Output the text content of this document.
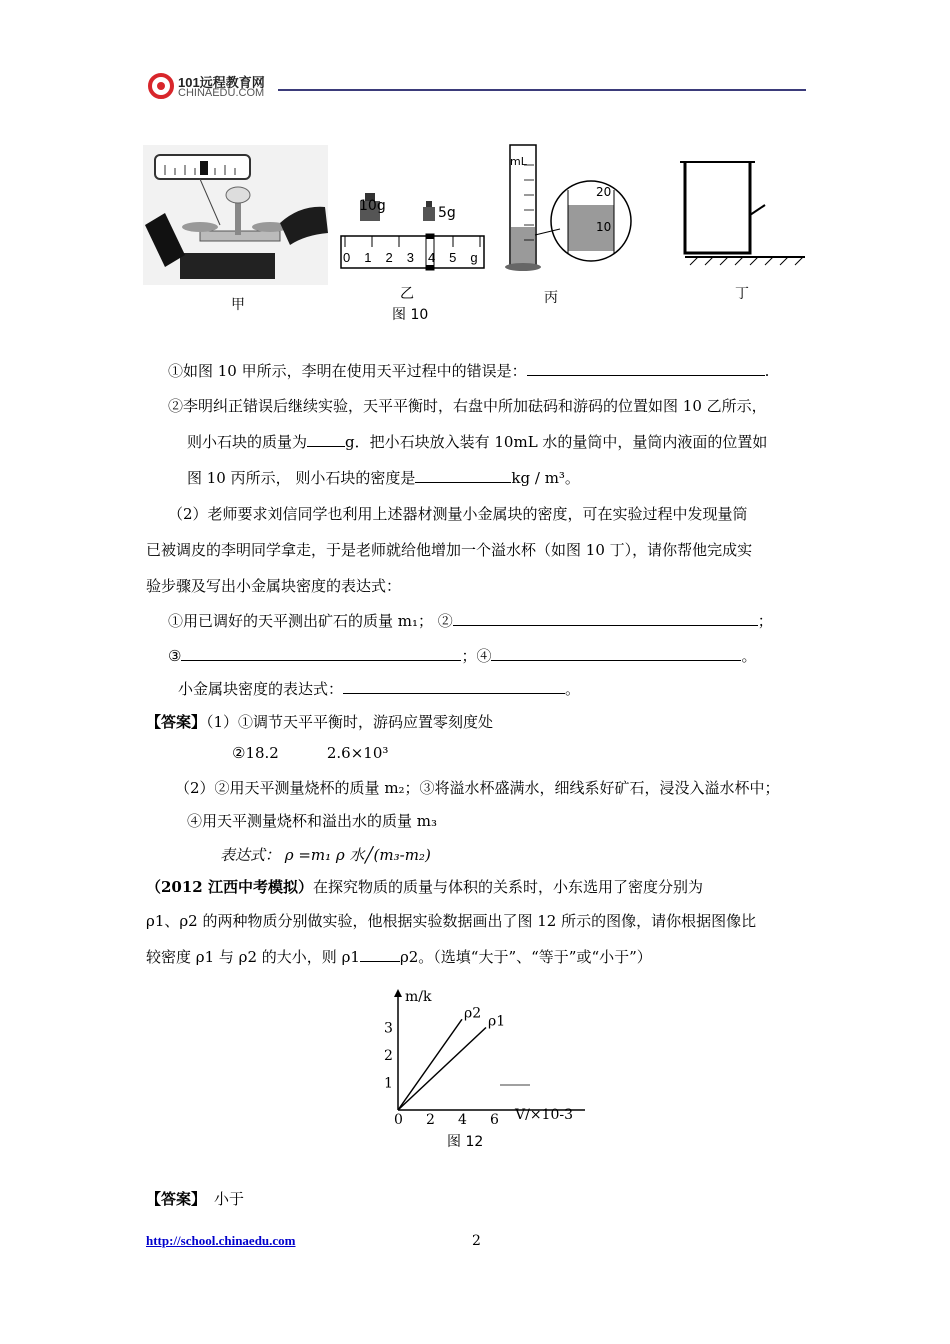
101远程教育网
CHINAEDU.COM
10g	5g
012345g
mL
20
10
甲
乙	丙	丁
图 10
①如图 10 甲所示，李明在使用天平过程中的错误是：	.
②李明纠正错误后继续实验，天平平衡时，右盘中所加砝码和游码的位置如图 10 乙所示，
则小石块的质量为	g．把小石块放入装有 10mL 水的量筒中，量筒内液面的位置如
图 10 丙所示， 则小石块的密度是	kg / m³。
（2）老师要求刘信同学也利用上述器材测量小金属块的密度，可在实验过程中发现量筒
已被调皮的李明同学拿走，于是老师就给他增加一个溢水杯（如图 10 丁），请你帮他完成实
验步骤及写出小金属块密度的表达式：
①用已调好的天平测出矿石的质量 m₁； ②	；
③	；④	。
小金属块密度的表达式：	。
【答案】（1）①调节天平平衡时，游码应置零刻度处
②18.2	2.6×10³
（2）②用天平测量烧杯的质量 m₂；③将溢水杯盛满水，细线系好矿石，浸没入溢水杯中；
④用天平测量烧杯和溢出水的质量 m₃
表达式： ρ =m₁ ρ 水╱(m₃-m₂)
（2012 江西中考模拟）在探究物质的质量与体积的关系时，小东选用了密度分别为
ρ1、ρ2 的两种物质分别做实验，他根据实验数据画出了图 12 所示的图像，请你根据图像比
较密度 ρ1 与 ρ2 的大小，则 ρ1	ρ2。（选填“大于”、“等于”或“小于”）
ρ2
ρ1
0 2 4 6
1
2
3
m/k
V/×10-3
图 12
【答案】 小于
http://school.chinaedu.com	2
